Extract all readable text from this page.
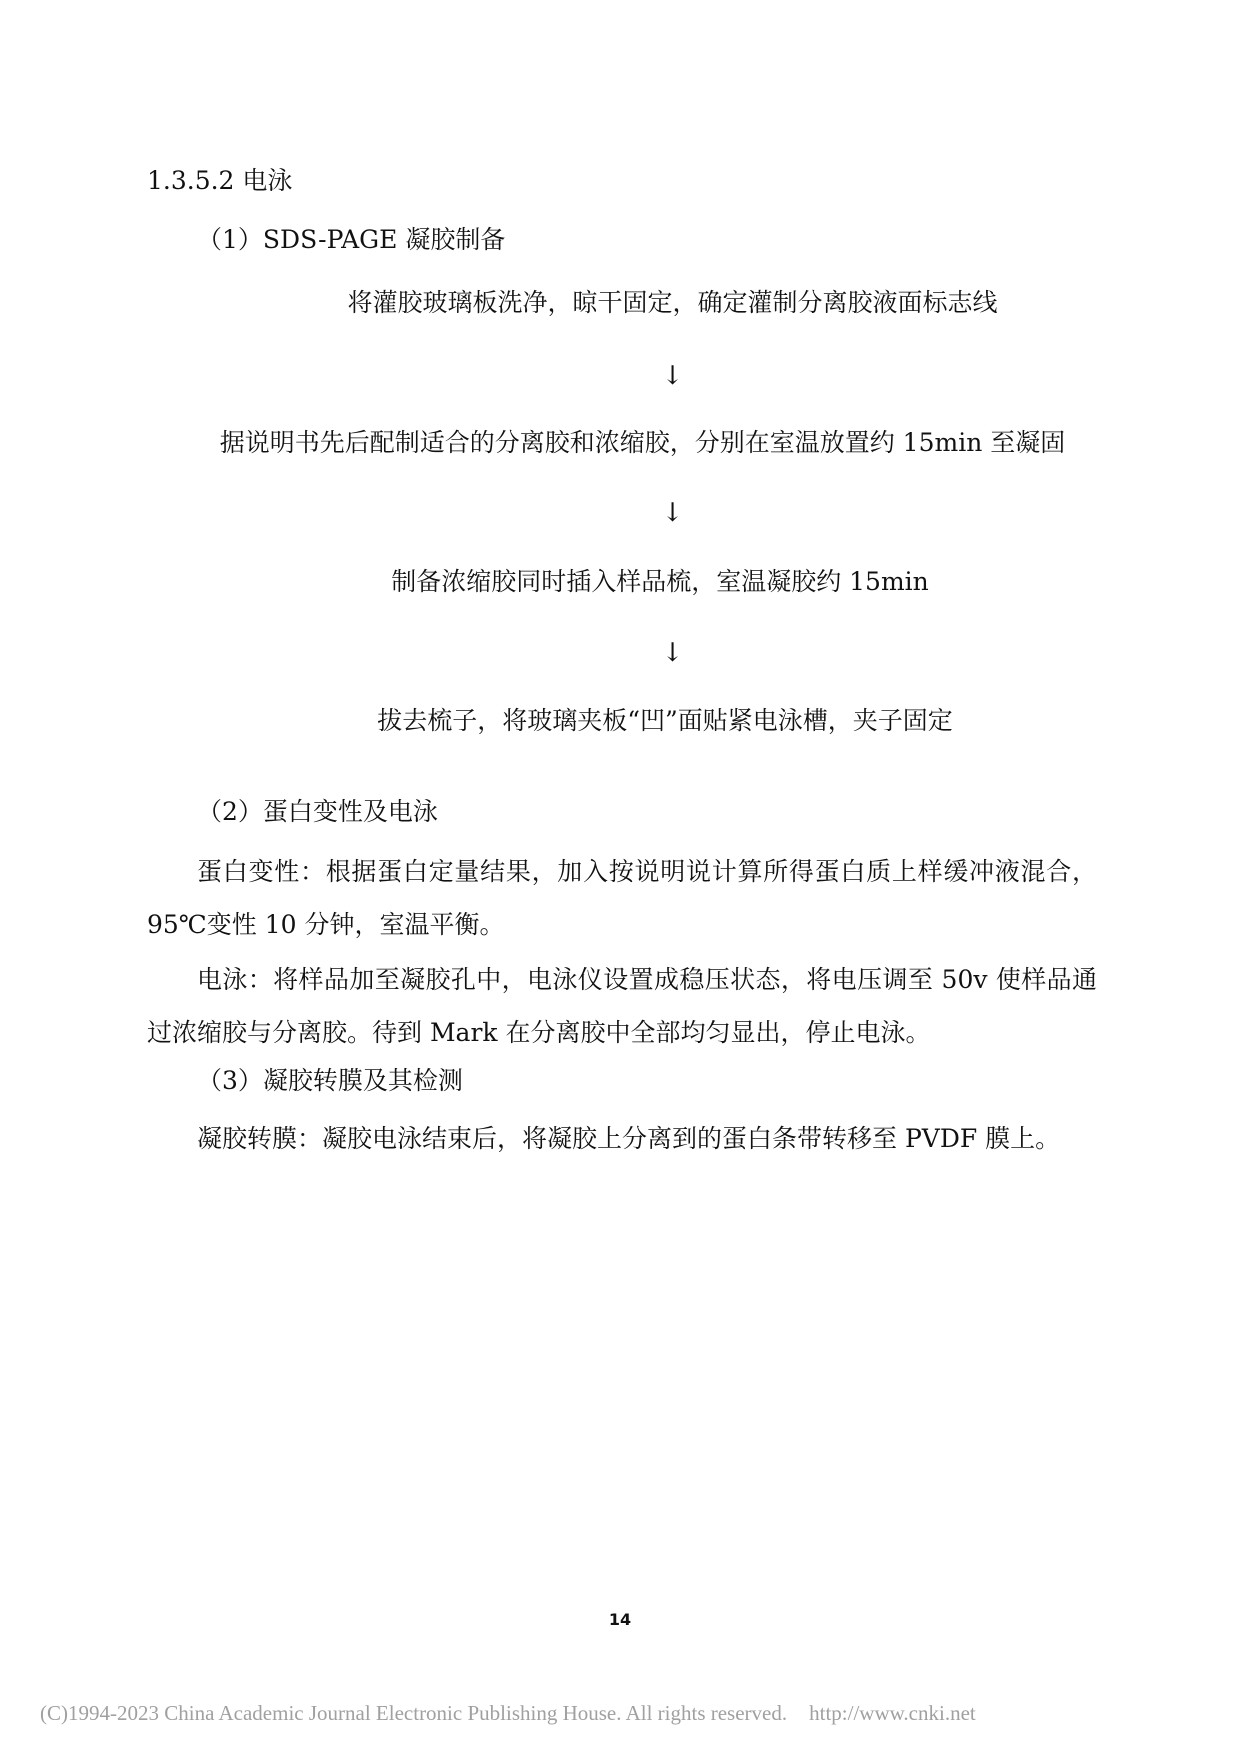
1.3.5.2 电泳
（1）SDS-PAGE 凝胶制备
将灌胶玻璃板洗净，晾干固定，确定灌制分离胶液面标志线
↓
据说明书先后配制适合的分离胶和浓缩胶，分别在室温放置约 15min 至凝固
↓
制备浓缩胶同时插入样品梳，室温凝胶约 15min
↓
拔去梳子，将玻璃夹板“凹”面贴紧电泳槽，夹子固定
（2）蛋白变性及电泳
蛋白变性：根据蛋白定量结果，加入按说明说计算所得蛋白质上样缓冲液混合，95℃变性 10 分钟，室温平衡。
电泳：将样品加至凝胶孔中，电泳仪设置成稳压状态，将电压调至 50v 使样品通过浓缩胶与分离胶。待到 Mark 在分离胶中全部均匀显出，停止电泳。
（3）凝胶转膜及其检测
凝胶转膜：凝胶电泳结束后，将凝胶上分离到的蛋白条带转移至 PVDF 膜上。
14
(C)1994-2023 China Academic Journal Electronic Publishing House. All rights reserved. http://www.cnki.net
